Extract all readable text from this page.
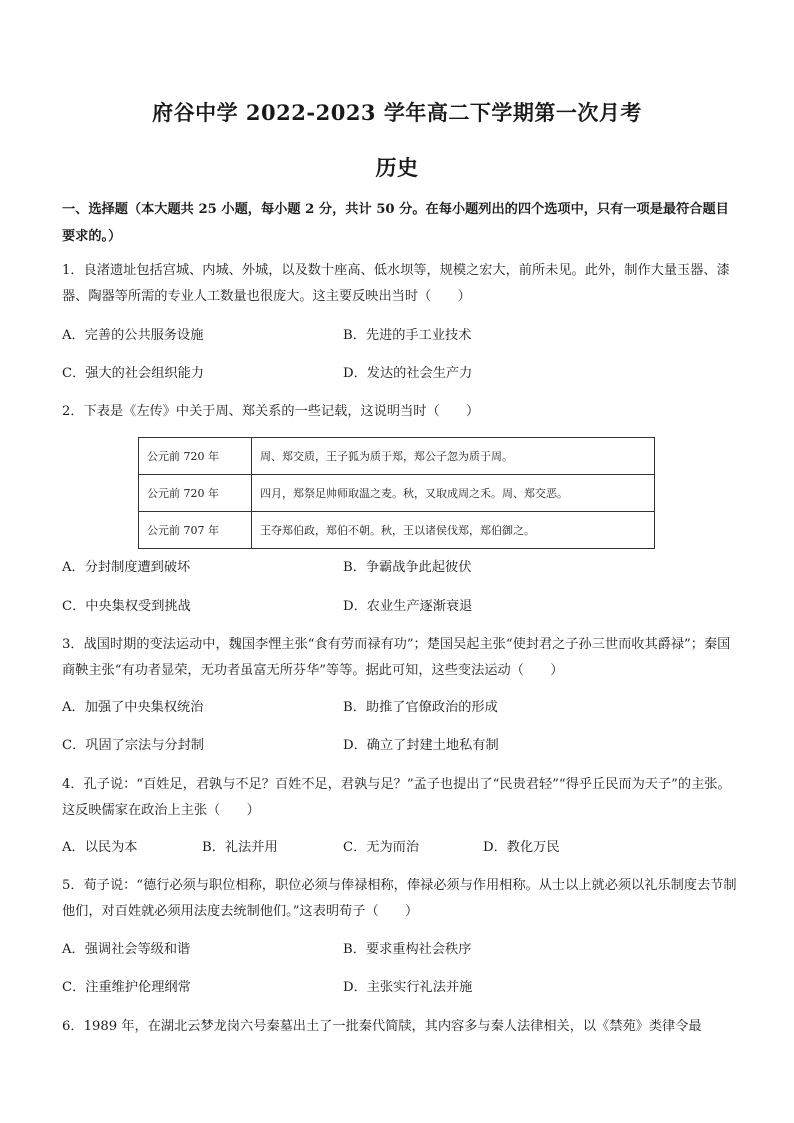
府谷中学 2022-2023 学年高二下学期第一次月考
历史
一、选择题（本大题共 25 小题，每小题 2 分，共计 50 分。在每小题列出的四个选项中，只有一项是最符合题目要求的。）
1．良渚遗址包括宫城、内城、外城，以及数十座高、低水坝等，规模之宏大，前所未见。此外，制作大量玉器、漆器、陶器等所需的专业人工数量也很庞大。这主要反映出当时（　　）
A．完善的公共服务设施	B．先进的手工业技术
C．强大的社会组织能力	D．发达的社会生产力
2．下表是《左传》中关于周、郑关系的一些记载，这说明当时（　　）
公元前 720 年	周、郑交质，王子狐为质于郑，郑公子忽为质于周。
公元前 720 年	四月，郑祭足帅师取温之麦。秋，又取成周之禾。周、郑交恶。
公元前 707 年	王夺郑伯政，郑伯不朝。秋，王以诸侯伐郑，郑伯御之。
A．分封制度遭到破坏	B．争霸战争此起彼伏
C．中央集权受到挑战	D．农业生产逐渐衰退
3．战国时期的变法运动中，魏国李悝主张“食有劳而禄有功”；楚国吴起主张“使封君之子孙三世而收其爵禄”；秦国商鞅主张“有功者显荣，无功者虽富无所芬华”等等。据此可知，这些变法运动（　　）
A．加强了中央集权统治	B．助推了官僚政治的形成
C．巩固了宗法与分封制	D．确立了封建土地私有制
4．孔子说：“百姓足，君孰与不足？百姓不足，君孰与足？”孟子也提出了“民贵君轻”“得乎丘民而为天子”的主张。这反映儒家在政治上主张（　　）
A．以民为本	B．礼法并用	C．无为而治	D．教化万民
5．荀子说：“德行必须与职位相称，职位必须与俸禄相称，俸禄必须与作用相称。从士以上就必须以礼乐制度去节制他们，对百姓就必须用法度去统制他们。”这表明荀子（　　）
A．强调社会等级和谐	B．要求重构社会秩序
C．注重维护伦理纲常	D．主张实行礼法并施
6．1989 年，在湖北云梦龙岗六号秦墓出土了一批秦代简牍，其内容多与秦人法律相关，以《禁苑》类律令最
